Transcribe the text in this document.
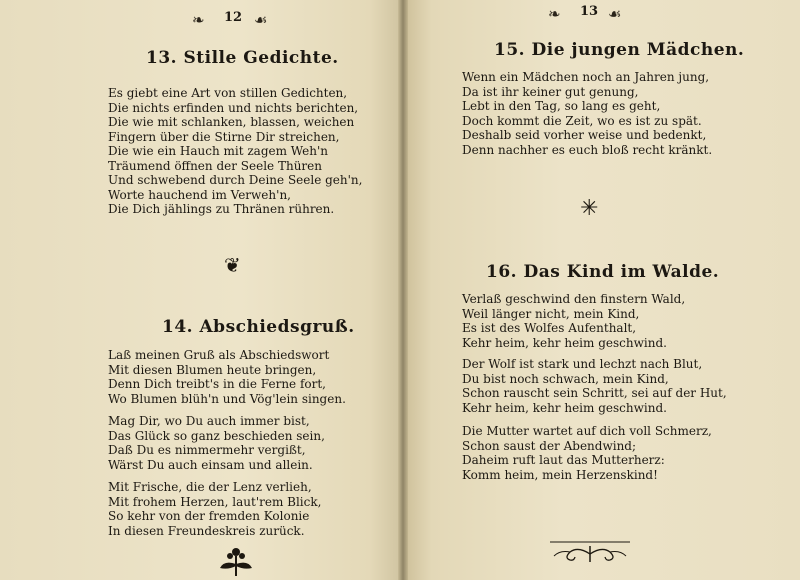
❧ 12 ☙
13. Stille Gedichte.
Es giebt eine Art von stillen Gedichten,
Die nichts erfinden und nichts berichten,
Die wie mit schlanken, blassen, weichen
Fingern über die Stirne Dir streichen,
Die wie ein Hauch mit zagem Weh'n
Träumend öffnen der Seele Thüren
Und schwebend durch Deine Seele geh'n,
Worte hauchend im Verweh'n,
Die Dich jählings zu Thränen rühren.
❦
14. Abschiedsgruß.
Laß meinen Gruß als Abschiedswort
Mit diesen Blumen heute bringen,
Denn Dich treibt's in die Ferne fort,
Wo Blumen blüh'n und Vög'lein singen.
Mag Dir, wo Du auch immer bist,
Das Glück so ganz beschieden sein,
Daß Du es nimmermehr vergißt,
Wärst Du auch einsam und allein.
Mit Frische, die der Lenz verlieh,
Mit frohem Herzen, laut'rem Blick,
So kehr von der fremden Kolonie
In diesen Freundeskreis zurück.
❧ 13 ☙
15. Die jungen Mädchen.
Wenn ein Mädchen noch an Jahren jung,
Da ist ihr keiner gut genung,
Lebt in den Tag, so lang es geht,
Doch kommt die Zeit, wo es ist zu spät.
Deshalb seid vorher weise und bedenkt,
Denn nachher es euch bloß recht kränkt.
✳
16. Das Kind im Walde.
Verlaß geschwind den finstern Wald,
Weil länger nicht, mein Kind,
Es ist des Wolfes Aufenthalt,
Kehr heim, kehr heim geschwind.
Der Wolf ist stark und lechzt nach Blut,
Du bist noch schwach, mein Kind,
Schon rauscht sein Schritt, sei auf der Hut,
Kehr heim, kehr heim geschwind.
Die Mutter wartet auf dich voll Schmerz,
Schon saust der Abendwind;
Daheim ruft laut das Mutterherz:
Komm heim, mein Herzenskind!
